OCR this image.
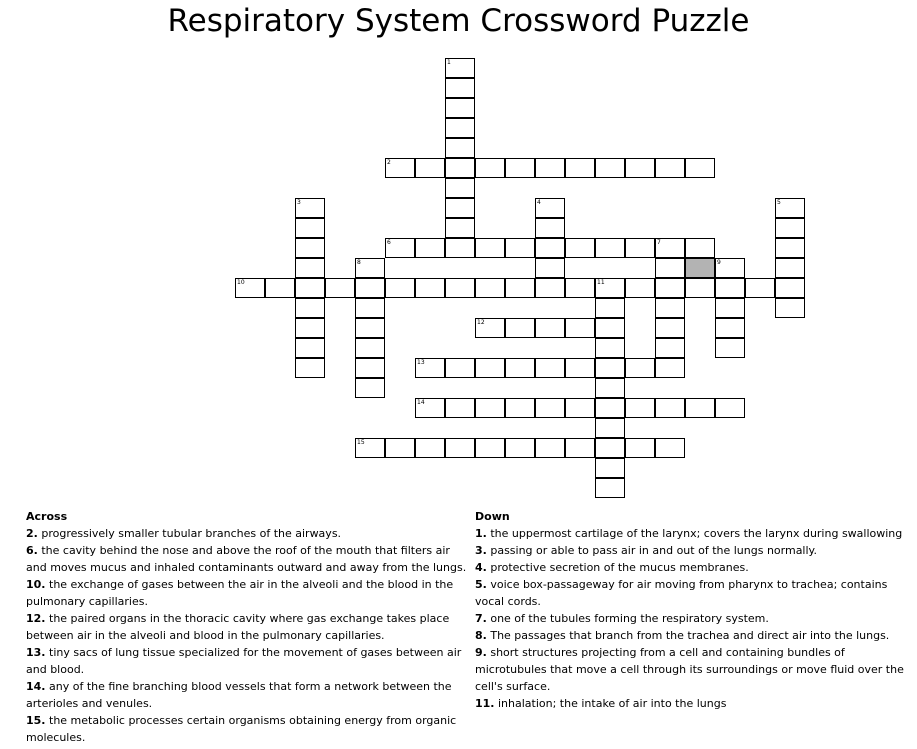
Respiratory System Crossword Puzzle
1
2
3	4	5
6	7
8	9
10	11
12
13
14
15
Across
2. progressively smaller tubular branches of the airways.
6. the cavity behind the nose and above the roof of the mouth that filters air and moves mucus and inhaled contaminants outward and away from the lungs.
10. the exchange of gases between the air in the alveoli and the blood in the pulmonary capillaries.
12. the paired organs in the thoracic cavity where gas exchange takes place between air in the alveoli and blood in the pulmonary capillaries.
13. tiny sacs of lung tissue specialized for the movement of gases between air and blood.
14. any of the fine branching blood vessels that form a network between the arterioles and venules.
15. the metabolic processes certain organisms obtaining energy from organic molecules.
Down
1. the uppermost cartilage of the larynx; covers the larynx during swallowing
3. passing or able to pass air in and out of the lungs normally.
4. protective secretion of the mucus membranes.
5. voice box-passageway for air moving from pharynx to trachea; contains vocal cords.
7. one of the tubules forming the respiratory system.
8. The passages that branch from the trachea and direct air into the lungs.
9. short structures projecting from a cell and containing bundles of microtubules that move a cell through its surroundings or move fluid over the cell's surface.
11. inhalation; the intake of air into the lungs
